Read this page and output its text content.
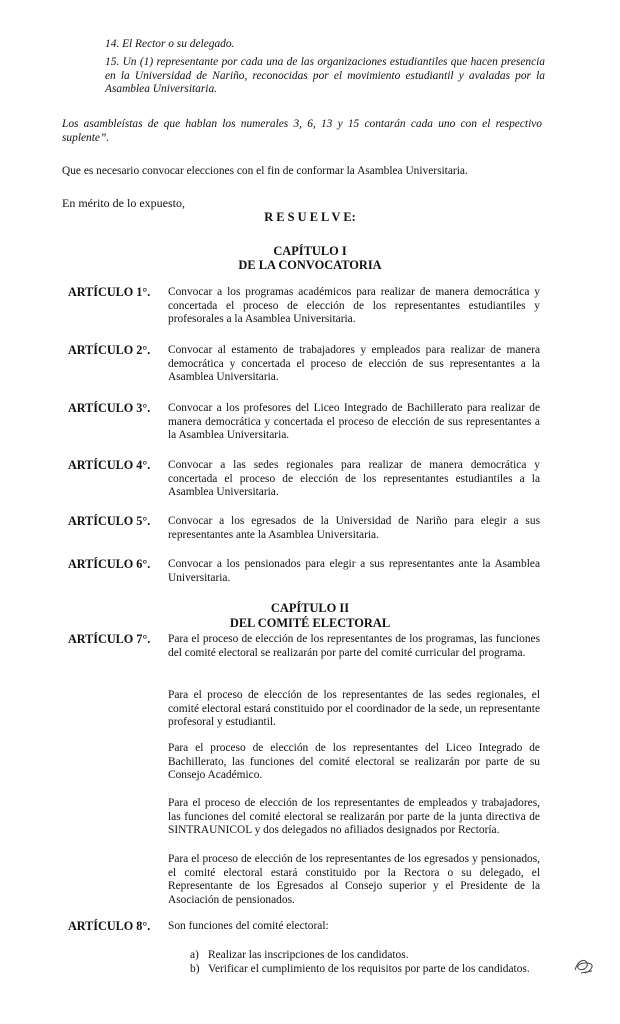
14. El Rector o su delegado.
15. Un (1) representante por cada una de las organizaciones estudiantiles que hacen presencia en la Universidad de Nariño, reconocidas por el movimiento estudiantil y avaladas por la Asamblea Universitaria.
Los asambleístas de que hablan los numerales 3, 6, 13 y 15 contarán cada uno con el respectivo suplente”.
Que es necesario convocar elecciones con el fin de conformar la Asamblea Universitaria.
En mérito de lo expuesto,
R E S U E L V E:
CAPÍTULO I
DE LA CONVOCATORIA
ARTÍCULO 1°. Convocar a los programas académicos para realizar de manera democrática y concertada el proceso de elección de los representantes estudiantiles y profesorales a la Asamblea Universitaria.
ARTÍCULO 2°. Convocar al estamento de trabajadores y empleados para realizar de manera democrática y concertada el proceso de elección de sus representantes a la Asamblea Universitaria.
ARTÍCULO 3°. Convocar a los profesores del Liceo Integrado de Bachillerato para realizar de manera democrática y concertada el proceso de elección de sus representantes a la Asamblea Universitaria.
ARTÍCULO 4°. Convocar a las sedes regionales para realizar de manera democrática y concertada el proceso de elección de los representantes estudiantiles a la Asamblea Universitaria.
ARTÍCULO 5°. Convocar a los egresados de la Universidad de Nariño para elegir a sus representantes ante la Asamblea Universitaria.
ARTÍCULO 6°. Convocar a los pensionados para elegir a sus representantes ante la Asamblea Universitaria.
CAPÍTULO II
DEL COMITÉ ELECTORAL
ARTÍCULO 7°. Para el proceso de elección de los representantes de los programas, las funciones del comité electoral se realizarán por parte del comité curricular del programa.
Para el proceso de elección de los representantes de las sedes regionales, el comité electoral estará constituido por el coordinador de la sede, un representante profesoral y estudiantil.
Para el proceso de elección de los representantes del Liceo Integrado de Bachillerato, las funciones del comité electoral se realizarán por parte de su Consejo Académico.
Para el proceso de elección de los representantes de empleados y trabajadores, las funciones del comité electoral se realizarán por parte de la junta directiva de SINTRAUNICOL y dos delegados no afiliados designados por Rectoría.
Para el proceso de elección de los representantes de los egresados y pensionados, el comité electoral estará constituido por la Rectora o su delegado, el Representante de los Egresados al Consejo superior y el Presidente de la Asociación de pensionados.
ARTÍCULO 8°. Son funciones del comité electoral:
a) Realizar las inscripciones de los candidatos.
b) Verificar el cumplimiento de los requisitos por parte de los candidatos.
